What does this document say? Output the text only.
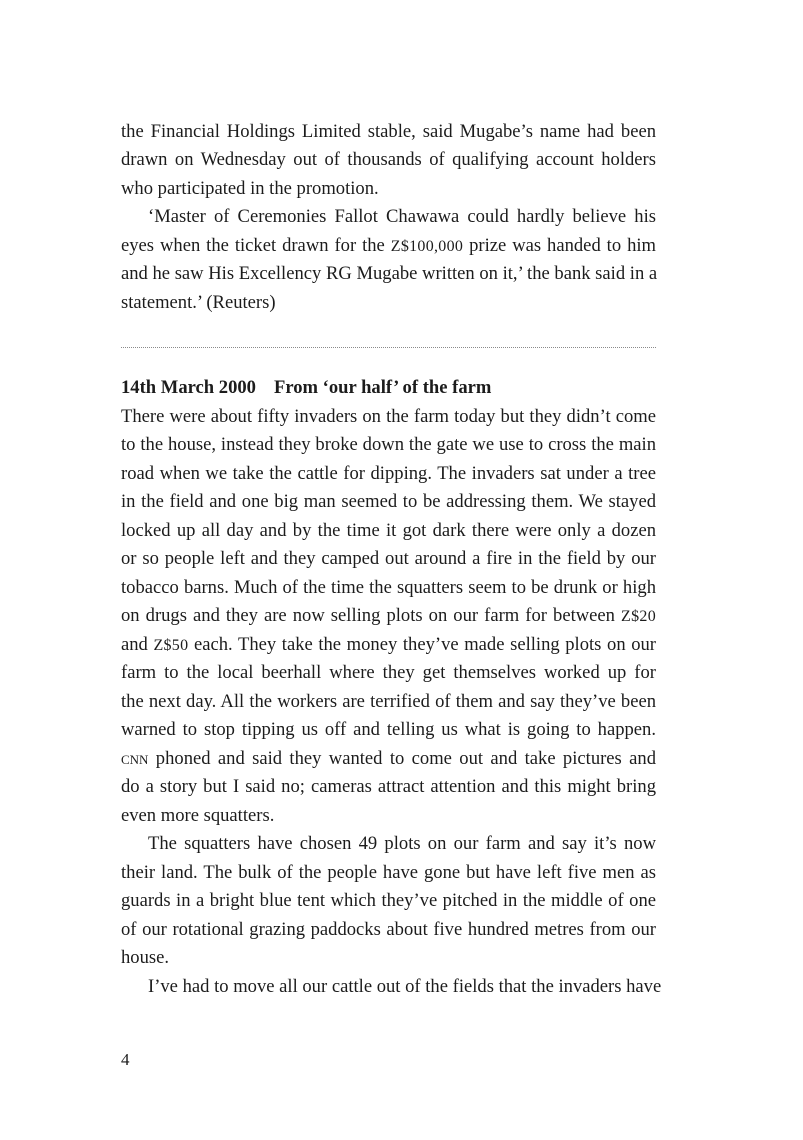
the Financial Holdings Limited stable, said Mugabe’s name had been
drawn on Wednesday out of thousands of qualifying account holders
who participated in the promotion.
‘Master of Ceremonies Fallot Chawawa could hardly believe his
eyes when the ticket drawn for the Z$100,000 prize was handed to him
and he saw His Excellency RG Mugabe written on it,’ the bank said in a
statement.’ (Reuters)
14th March 2000 From ‘our half’ of the farm
There were about fifty invaders on the farm today but they didn’t come
to the house, instead they broke down the gate we use to cross the main
road when we take the cattle for dipping. The invaders sat under a tree
in the field and one big man seemed to be addressing them. We stayed
locked up all day and by the time it got dark there were only a dozen
or so people left and they camped out around a fire in the field by our
tobacco barns. Much of the time the squatters seem to be drunk or high
on drugs and they are now selling plots on our farm for between Z$20
and Z$50 each. They take the money they’ve made selling plots on our
farm to the local beerhall where they get themselves worked up for
the next day. All the workers are terrified of them and say they’ve been
warned to stop tipping us off and telling us what is going to happen.
cnn phoned and said they wanted to come out and take pictures and
do a story but I said no; cameras attract attention and this might bring
even more squatters.
The squatters have chosen 49 plots on our farm and say it’s now
their land. The bulk of the people have gone but have left five men as
guards in a bright blue tent which they’ve pitched in the middle of one
of our rotational grazing paddocks about five hundred metres from our
house.
I’ve had to move all our cattle out of the fields that the invaders have
4
